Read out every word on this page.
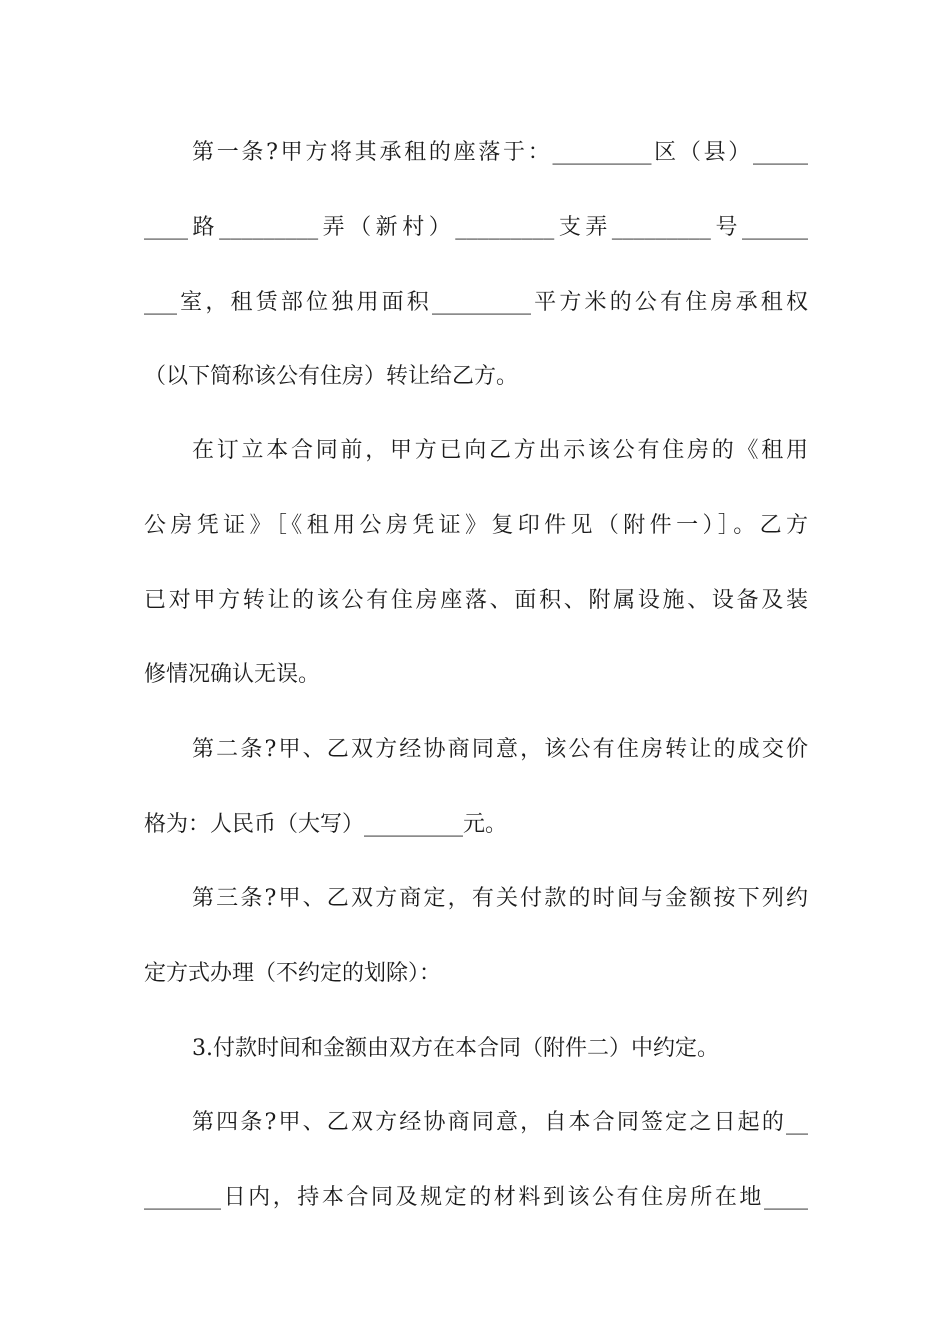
第一条?甲方将其承租的座落于：_________区（县）_____
____路_________弄（新村）_________支弄_________号______
___室，租赁部位独用面积_________平方米的公有住房承租权
（以下简称该公有住房）转让给乙方。
在订立本合同前，甲方已向乙方出示该公有住房的《租用
公房凭证》［《租用公房凭证》复印件见（附件一）］。乙方
已对甲方转让的该公有住房座落、面积、附属设施、设备及装
修情况确认无误。
第二条?甲、乙双方经协商同意，该公有住房转让的成交价
格为：人民币（大写）_________元。
第三条?甲、乙双方商定，有关付款的时间与金额按下列约
定方式办理（不约定的划除）：
3.付款时间和金额由双方在本合同（附件二）中约定。
第四条?甲、乙双方经协商同意，自本合同签定之日起的__
_______日内，持本合同及规定的材料到该公有住房所在地____
